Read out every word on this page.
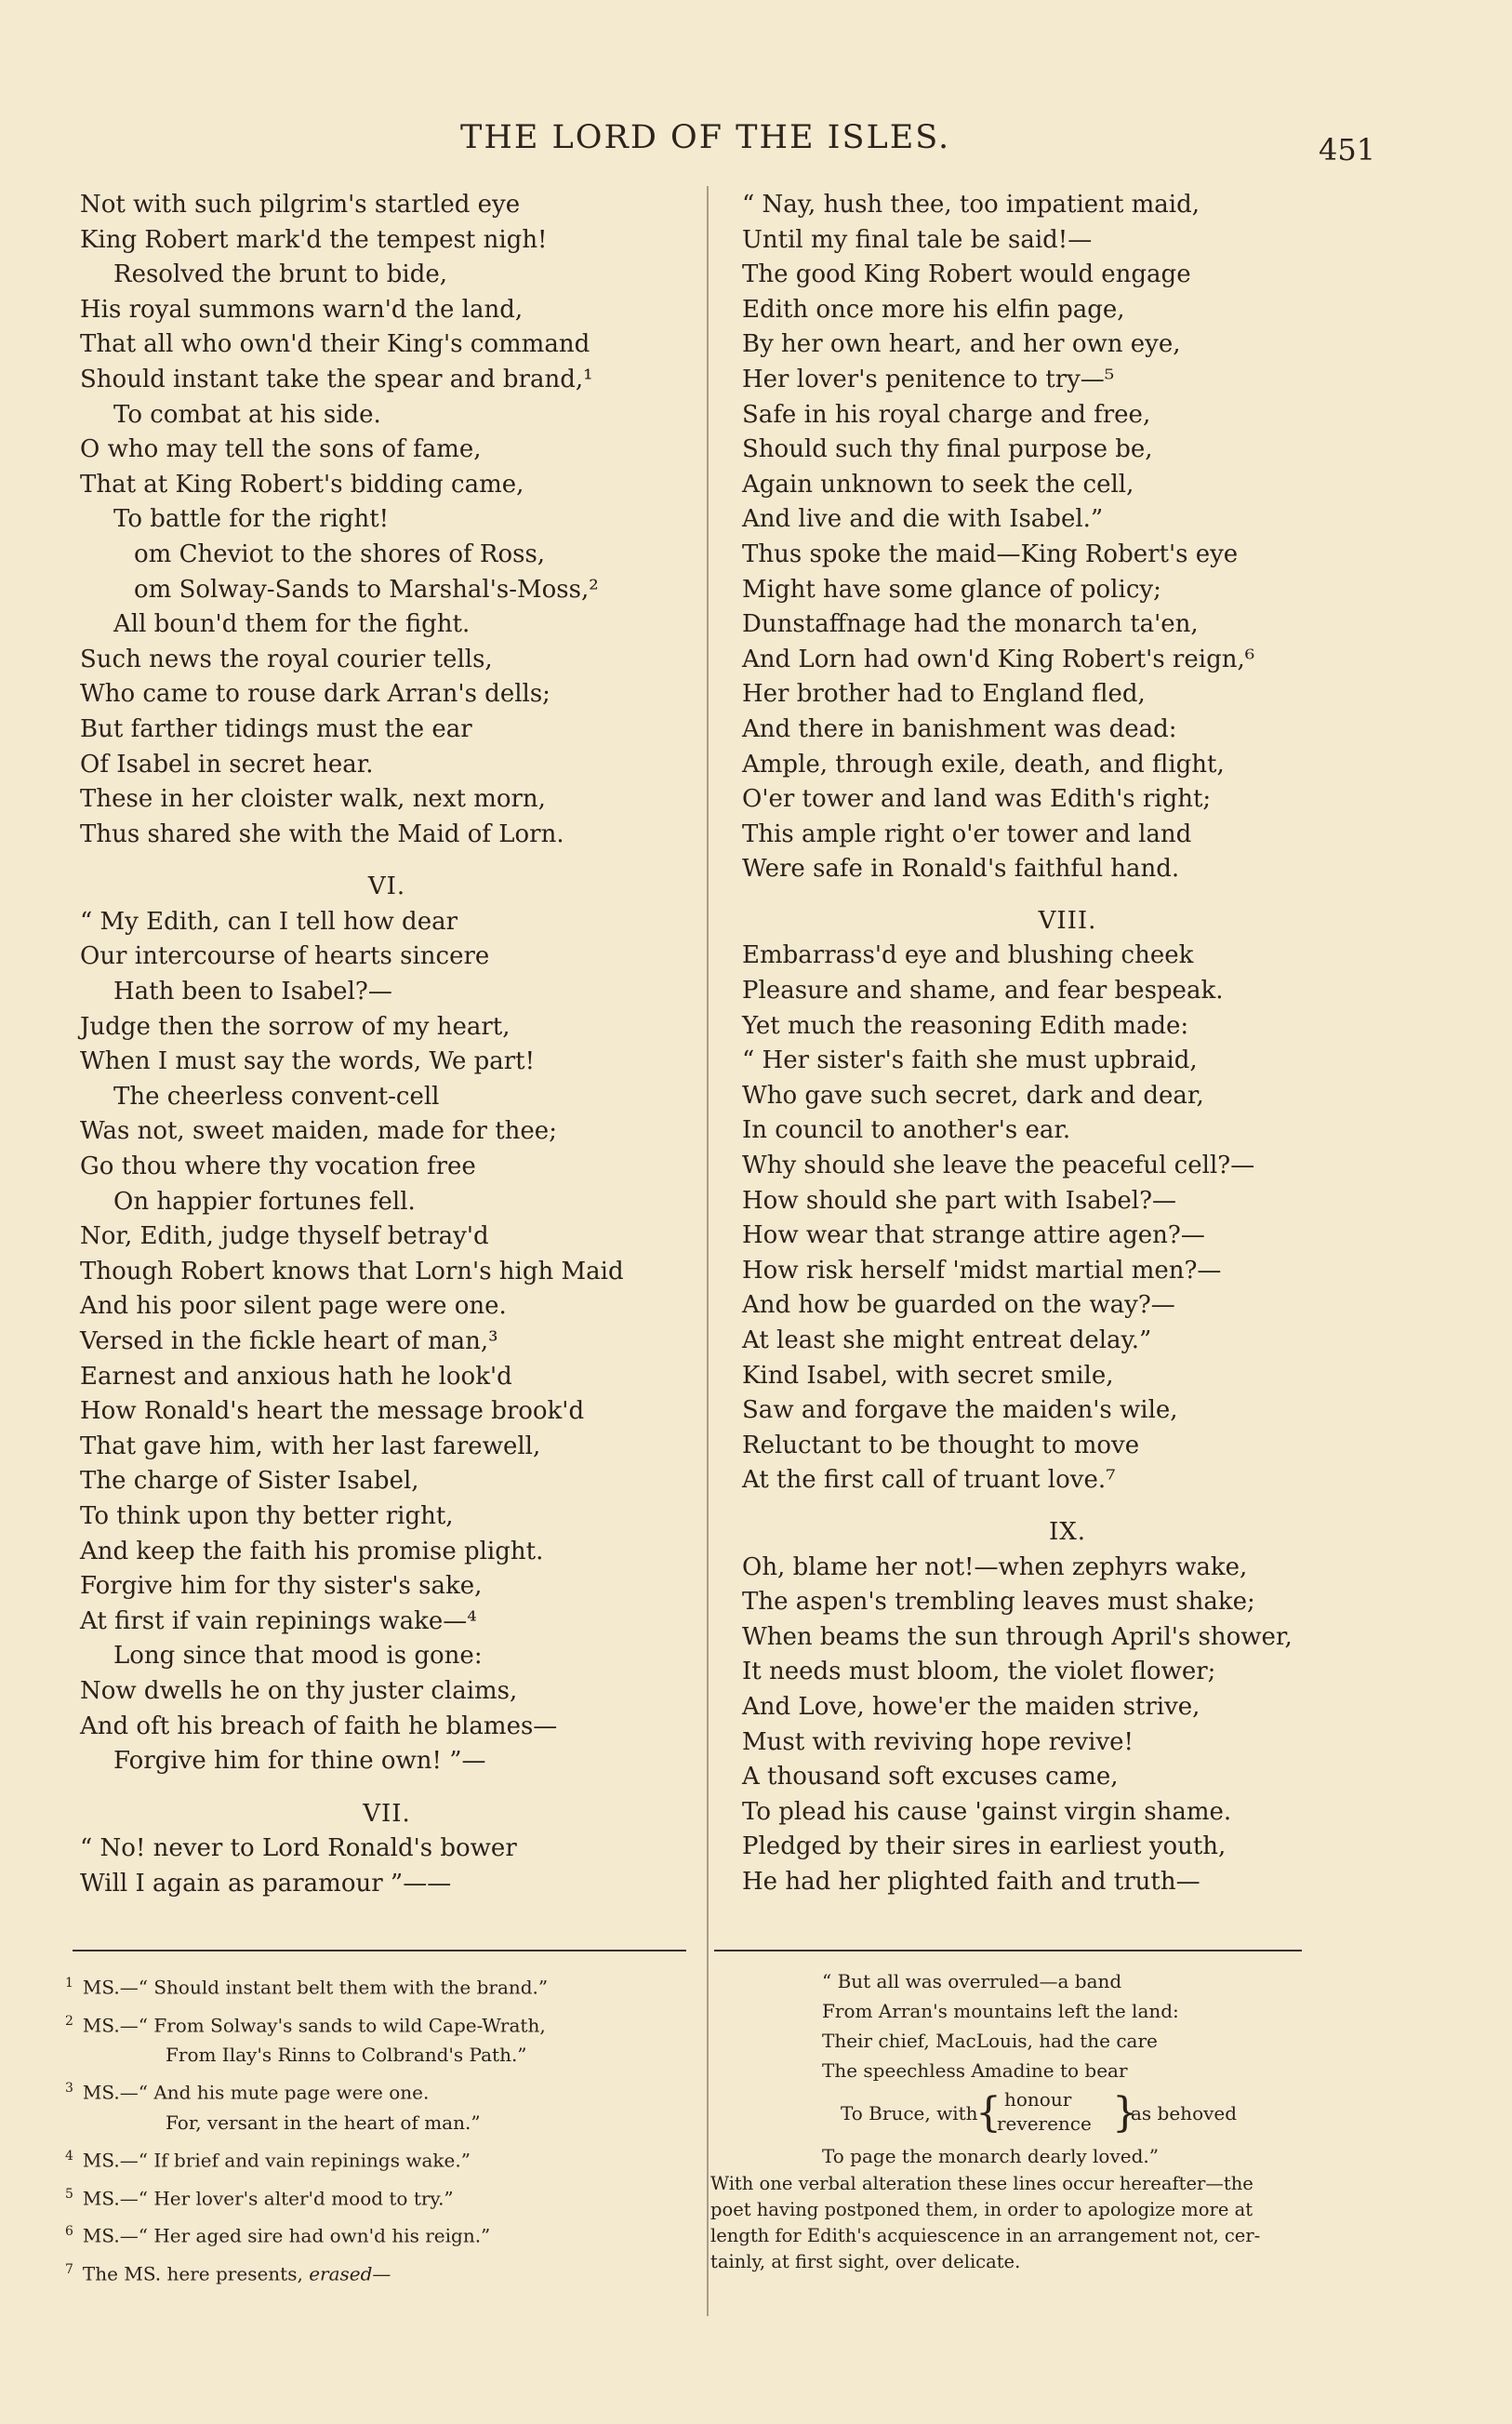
THE LORD OF THE ISLES.	451
Not with such pilgrim's startled eye
King Robert mark'd the tempest nigh!
Resolved the brunt to bide,
His royal summons warn'd the land,
That all who own'd their King's command
Should instant take the spear and brand,¹
To combat at his side.
O who may tell the sons of fame,
That at King Robert's bidding came,
To battle for the right!
om Cheviot to the shores of Ross,
om Solway-Sands to Marshal's-Moss,²
All boun'd them for the fight.
Such news the royal courier tells,
Who came to rouse dark Arran's dells;
But farther tidings must the ear
Of Isabel in secret hear.
These in her cloister walk, next morn,
Thus shared she with the Maid of Lorn.
VI.
“ My Edith, can I tell how dear
Our intercourse of hearts sincere
Hath been to Isabel?—
Judge then the sorrow of my heart,
When I must say the words, We part!
The cheerless convent-cell
Was not, sweet maiden, made for thee;
Go thou where thy vocation free
On happier fortunes fell.
Nor, Edith, judge thyself betray'd
Though Robert knows that Lorn's high Maid
And his poor silent page were one.
Versed in the fickle heart of man,³
Earnest and anxious hath he look'd
How Ronald's heart the message brook'd
That gave him, with her last farewell,
The charge of Sister Isabel,
To think upon thy better right,
And keep the faith his promise plight.
Forgive him for thy sister's sake,
At first if vain repinings wake—⁴
Long since that mood is gone:
Now dwells he on thy juster claims,
And oft his breach of faith he blames—
Forgive him for thine own! ”—
VII.
“ No! never to Lord Ronald's bower
Will I again as paramour ”——
“ Nay, hush thee, too impatient maid,
Until my final tale be said!—
The good King Robert would engage
Edith once more his elfin page,
By her own heart, and her own eye,
Her lover's penitence to try—⁵
Safe in his royal charge and free,
Should such thy final purpose be,
Again unknown to seek the cell,
And live and die with Isabel.”
Thus spoke the maid—King Robert's eye
Might have some glance of policy;
Dunstaffnage had the monarch ta'en,
And Lorn had own'd King Robert's reign,⁶
Her brother had to England fled,
And there in banishment was dead:
Ample, through exile, death, and flight,
O'er tower and land was Edith's right;
This ample right o'er tower and land
Were safe in Ronald's faithful hand.
VIII.
Embarrass'd eye and blushing cheek
Pleasure and shame, and fear bespeak.
Yet much the reasoning Edith made:
“ Her sister's faith she must upbraid,
Who gave such secret, dark and dear,
In council to another's ear.
Why should she leave the peaceful cell?—
How should she part with Isabel?—
How wear that strange attire agen?—
How risk herself 'midst martial men?—
And how be guarded on the way?—
At least she might entreat delay.”
Kind Isabel, with secret smile,
Saw and forgave the maiden's wile,
Reluctant to be thought to move
At the first call of truant love.⁷
IX.
Oh, blame her not!—when zephyrs wake,
The aspen's trembling leaves must shake;
When beams the sun through April's shower,
It needs must bloom, the violet flower;
And Love, howe'er the maiden strive,
Must with reviving hope revive!
A thousand soft excuses came,
To plead his cause 'gainst virgin shame.
Pledged by their sires in earliest youth,
He had her plighted faith and truth—
$^1$ MS.—“ Should instant belt them with the brand.”
$^2$ MS.—“ From Solway's sands to wild Cape-Wrath,
From Ilay's Rinns to Colbrand's Path.”
$^3$ MS.—“ And his mute page were one.
For, versant in the heart of man.”
$^4$ MS.—“ If brief and vain repinings wake.”
$^5$ MS.—“ Her lover's alter'd mood to try.”
$^6$ MS.—“ Her aged sire had own'd his reign.”
$^7$ The MS. here presents, erased—
“ But all was overruled—a band
From Arran's mountains left the land:
Their chief, MacLouis, had the care
The speechless Amadine to bear
To Bruce, with
{ honour
reverence }
as behoved
To page the monarch dearly loved.”
With one verbal alteration these lines occur hereafter—the
poet having postponed them, in order to apologize more at
length for Edith's acquiescence in an arrangement not, cer-
tainly, at first sight, over delicate.
